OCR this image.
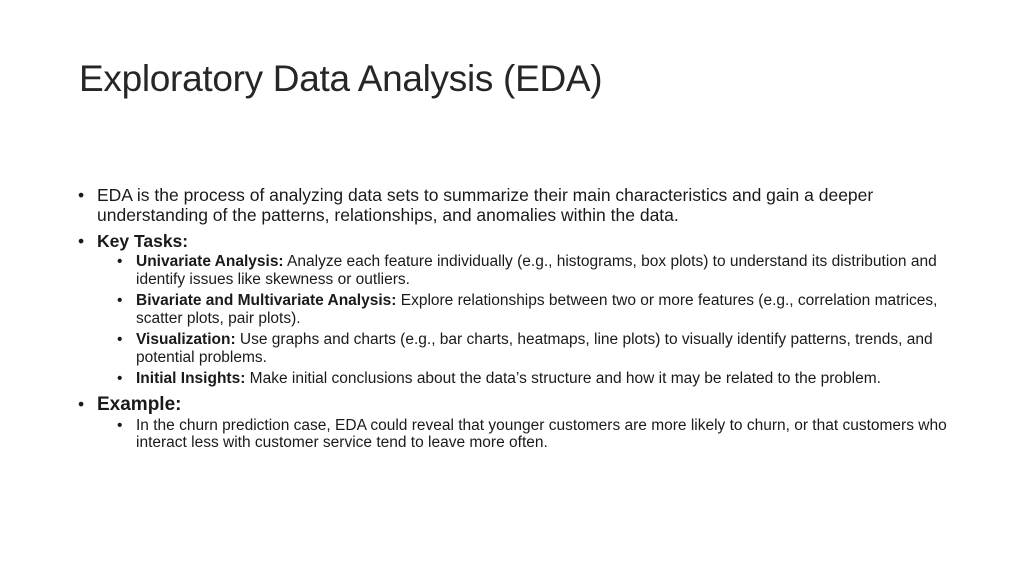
Exploratory Data Analysis (EDA)
• EDA is the process of analyzing data sets to summarize their main characteristics and gain a deeper understanding of the patterns, relationships, and anomalies within the data.
• Key Tasks:
• Univariate Analysis: Analyze each feature individually (e.g., histograms, box plots) to understand its distribution and identify issues like skewness or outliers.
• Bivariate and Multivariate Analysis: Explore relationships between two or more features (e.g., correlation matrices, scatter plots, pair plots).
• Visualization: Use graphs and charts (e.g., bar charts, heatmaps, line plots) to visually identify patterns, trends, and potential problems.
• Initial Insights: Make initial conclusions about the data’s structure and how it may be related to the problem.
• Example:
• In the churn prediction case, EDA could reveal that younger customers are more likely to churn, or that customers who interact less with customer service tend to leave more often.
